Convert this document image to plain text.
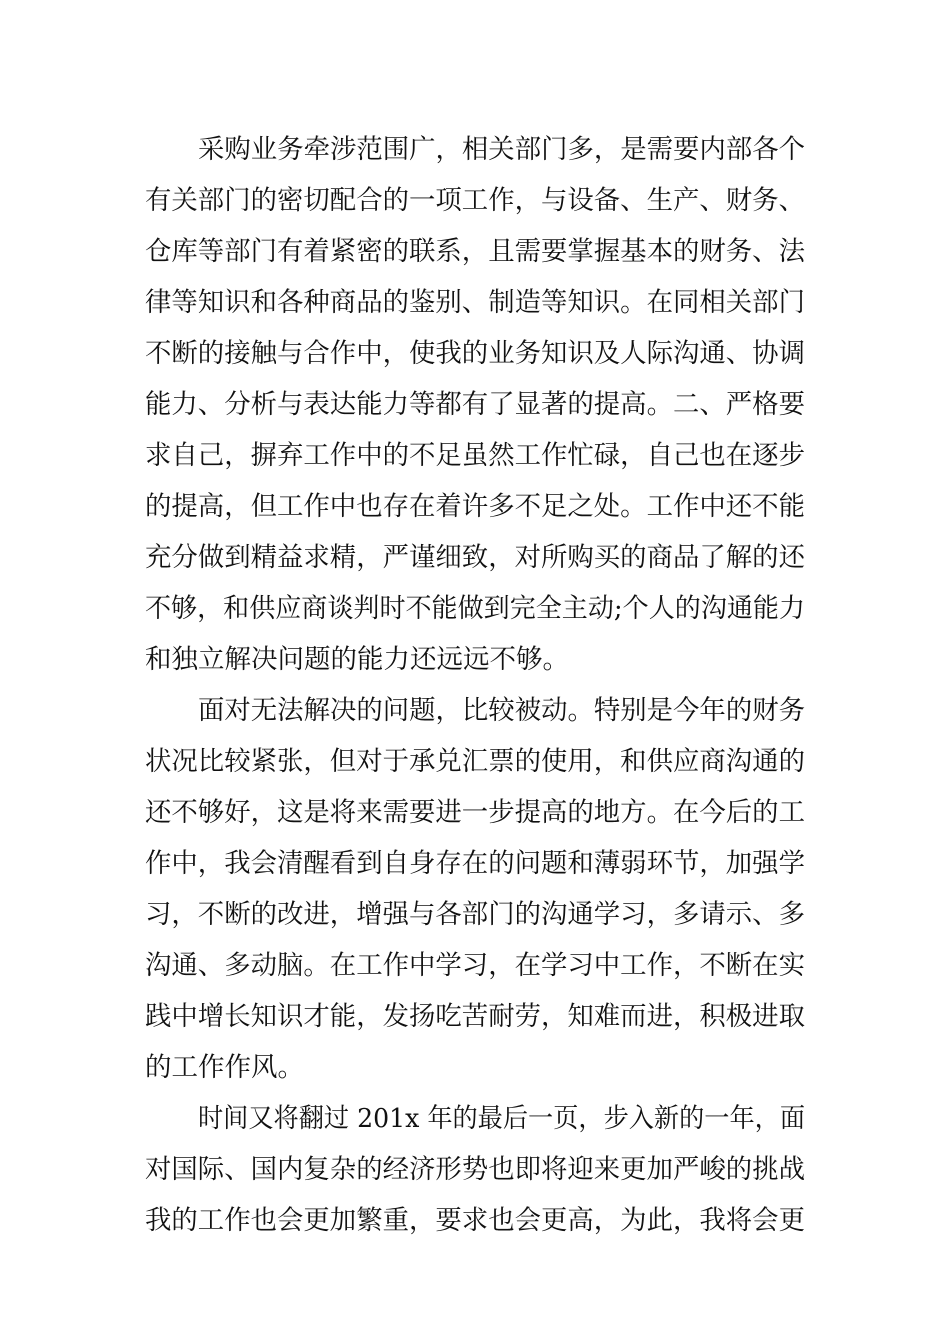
采购业务牵涉范围广，相关部门多，是需要内部各个
有关部门的密切配合的一项工作，与设备、生产、财务、
仓库等部门有着紧密的联系，且需要掌握基本的财务、法
律等知识和各种商品的鉴别、制造等知识。在同相关部门
不断的接触与合作中，使我的业务知识及人际沟通、协调
能力、分析与表达能力等都有了显著的提高。二、严格要
求自己，摒弃工作中的不足虽然工作忙碌，自己也在逐步
的提高，但工作中也存在着许多不足之处。工作中还不能
充分做到精益求精，严谨细致，对所购买的商品了解的还
不够，和供应商谈判时不能做到完全主动;个人的沟通能力
和独立解决问题的能力还远远不够。
面对无法解决的问题，比较被动。特别是今年的财务
状况比较紧张，但对于承兑汇票的使用，和供应商沟通的
还不够好，这是将来需要进一步提高的地方。在今后的工
作中，我会清醒看到自身存在的问题和薄弱环节，加强学
习，不断的改进，增强与各部门的沟通学习，多请示、多
沟通、多动脑。在工作中学习，在学习中工作，不断在实
践中增长知识才能，发扬吃苦耐劳，知难而进，积极进取
的工作作风。
时间又将翻过 201x 年的最后一页，步入新的一年，面
对国际、国内复杂的经济形势也即将迎来更加严峻的挑战
我的工作也会更加繁重，要求也会更高，为此，我将会更
